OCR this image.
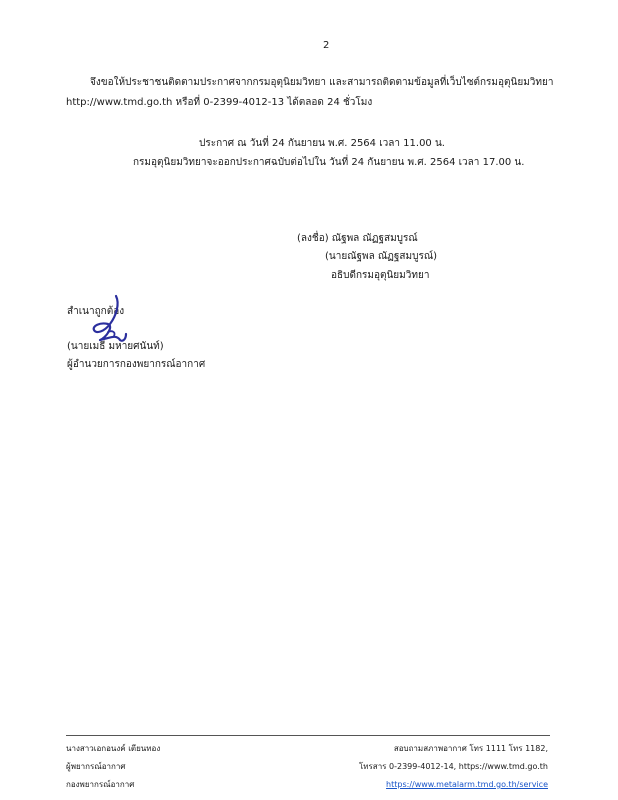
2
จึงขอให้ประชาชนติดตามประกาศจากกรมอุตุนิยมวิทยา และสามารถติดตามข้อมูลที่เว็บไซต์กรมอุตุนิยมวิทยา
http://www.tmd.go.th หรือที่ 0-2399-4012-13 ได้ตลอด 24 ชั่วโมง
ประกาศ ณ วันที่ 24 กันยายน พ.ศ. 2564 เวลา 11.00 น.
กรมอุตุนิยมวิทยาจะออกประกาศฉบับต่อไปใน วันที่ 24 กันยายน พ.ศ. 2564 เวลา 17.00 น.
(ลงชื่อ) ณัฐพล ณัฏฐสมบูรณ์
(นายณัฐพล ณัฏฐสมบูรณ์)
อธิบดีกรมอุตุนิยมวิทยา
สำเนาถูกต้อง
(นายเมธี มหายศนันท์)
ผู้อำนวยการกองพยากรณ์อากาศ
นางสาวเอกอนงค์ เตียนทอง
ผู้พยากรณ์อากาศ
กองพยากรณ์อากาศ
สอบถามสภาพอากาศ โทร 1111 โทร 1182,
โทรสาร 0-2399-4012-14, https://www.tmd.go.th
https://www.metalarm.tmd.go.th/service
